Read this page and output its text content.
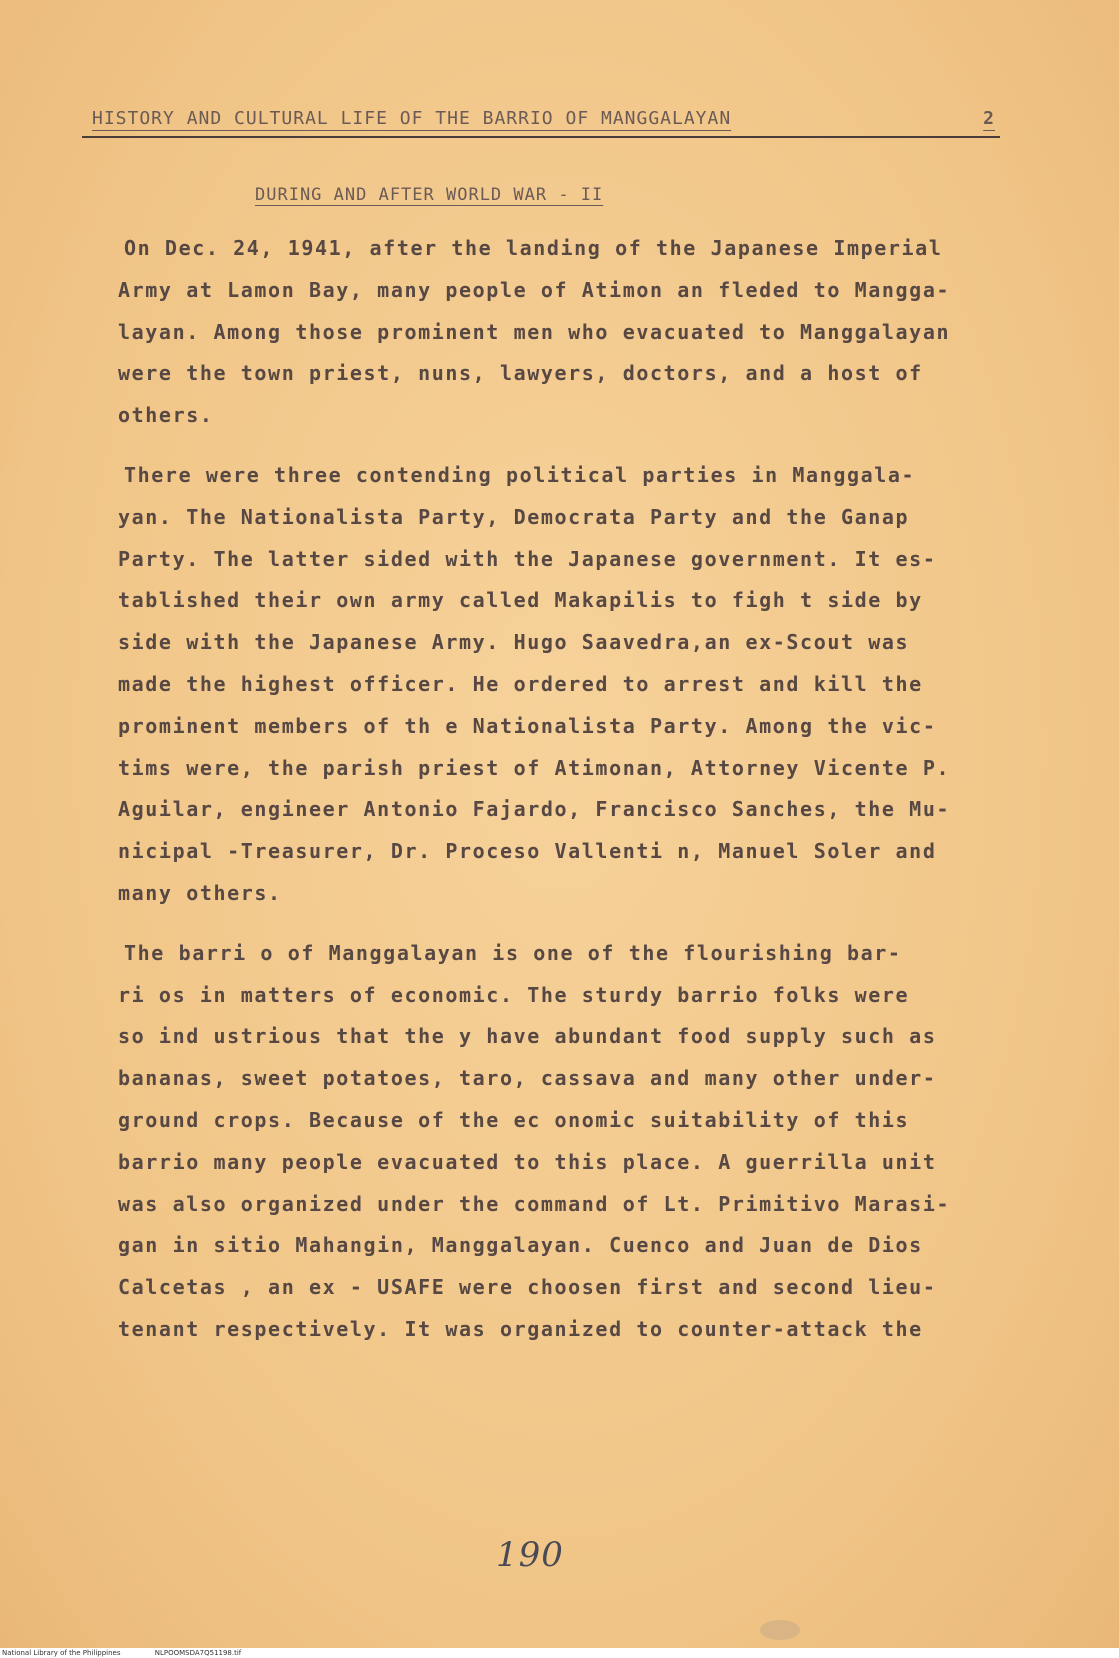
HISTORY AND CULTURAL LIFE OF THE BARRIO OF MANGGALAYAN	2
DURING AND AFTER WORLD WAR - II
On Dec. 24, 1941, after the landing of the Japanese Imperial
Army at Lamon Bay, many people of Atimon an fleded to Mangga-
layan. Among those prominent men who evacuated to Manggalayan
were the town priest, nuns, lawyers, doctors, and a host of
others.
There were three contending political parties in Manggala-
yan. The Nationalista Party, Democrata Party and the Ganap
Party. The latter sided with the Japanese government. It es-
tablished their own army called Makapilis to figh t side by
side with the Japanese Army. Hugo Saavedra,an ex-Scout was
made the highest officer. He ordered to arrest and kill the
prominent members of th e Nationalista Party. Among the vic-
tims were, the parish priest of Atimonan, Attorney Vicente P.
Aguilar, engineer Antonio Fajardo, Francisco Sanches, the Mu-
nicipal -Treasurer, Dr. Proceso Vallenti n, Manuel Soler and
many others.
The barri o of Manggalayan is one of the flourishing bar-
ri os in matters of economic. The sturdy barrio folks were
so ind ustrious that the y have abundant food supply such as
bananas, sweet potatoes, taro, cassava and many other under-
ground crops. Because of the ec onomic suitability of this
barrio many people evacuated to this place. A guerrilla unit
was also organized under the command of Lt. Primitivo Marasi-
gan in sitio Mahangin, Manggalayan. Cuenco and Juan de Dios
Calcetas , an ex - USAFE were choosen first and second lieu-
tenant respectively. It was organized to counter-attack the
190
National Library of the Philippines	NLPOOMSDA7Q51198.tif
